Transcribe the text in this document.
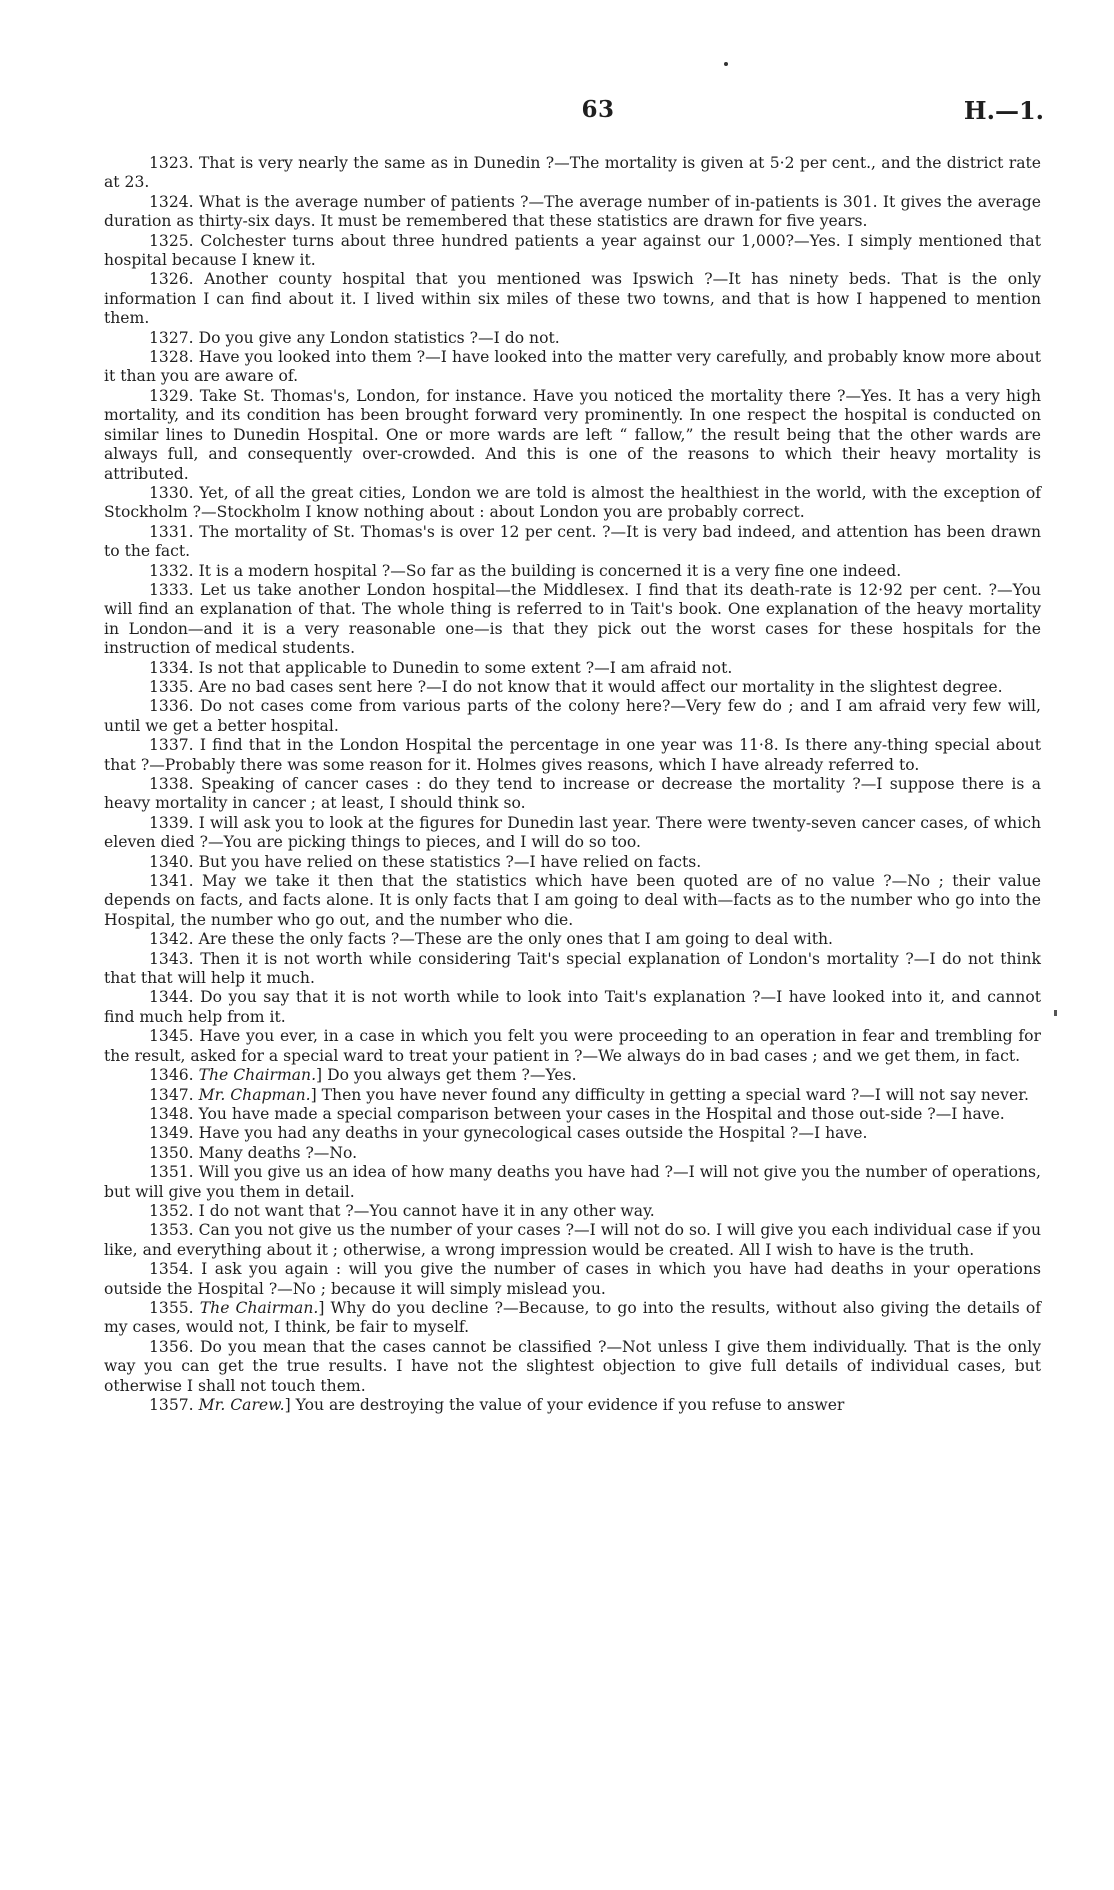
63	H.—1.

1323. That is very nearly the same as in Dunedin ?—The mortality is given at 5·2 per cent., and the district rate at 23.

1324. What is the average number of patients ?—The average number of in-patients is 301. It gives the average duration as thirty-six days. It must be remembered that these statistics are drawn for five years.

1325. Colchester turns about three hundred patients a year against our 1,000?—Yes. I simply mentioned that hospital because I knew it.

1326. Another county hospital that you mentioned was Ipswich ?—It has ninety beds. That is the only information I can find about it. I lived within six miles of these two towns, and that is how I happened to mention them.

1327. Do you give any London statistics ?—I do not.

1328. Have you looked into them ?—I have looked into the matter very carefully, and probably know more about it than you are aware of.

1329. Take St. Thomas's, London, for instance. Have you noticed the mortality there ?—Yes. It has a very high mortality, and its condition has been brought forward very prominently. In one respect the hospital is conducted on similar lines to Dunedin Hospital. One or more wards are left “ fallow,” the result being that the other wards are always full, and consequently over-crowded. And this is one of the reasons to which their heavy mortality is attributed.

1330. Yet, of all the great cities, London we are told is almost the healthiest in the world, with the exception of Stockholm ?—Stockholm I know nothing about : about London you are probably correct.

1331. The mortality of St. Thomas's is over 12 per cent. ?—It is very bad indeed, and attention has been drawn to the fact.

1332. It is a modern hospital ?—So far as the building is concerned it is a very fine one indeed.

1333. Let us take another London hospital—the Middlesex. I find that its death-rate is 12·92 per cent. ?—You will find an explanation of that. The whole thing is referred to in Tait's book. One explanation of the heavy mortality in London—and it is a very reasonable one—is that they pick out the worst cases for these hospitals for the instruction of medical students.

1334. Is not that applicable to Dunedin to some extent ?—I am afraid not.

1335. Are no bad cases sent here ?—I do not know that it would affect our mortality in the slightest degree.

1336. Do not cases come from various parts of the colony here?—Very few do ; and I am afraid very few will, until we get a better hospital.

1337. I find that in the London Hospital the percentage in one year was 11·8. Is there any-thing special about that ?—Probably there was some reason for it. Holmes gives reasons, which I have already referred to.

1338. Speaking of cancer cases : do they tend to increase or decrease the mortality ?—I suppose there is a heavy mortality in cancer ; at least, I should think so.

1339. I will ask you to look at the figures for Dunedin last year. There were twenty-seven cancer cases, of which eleven died ?—You are picking things to pieces, and I will do so too.

1340. But you have relied on these statistics ?—I have relied on facts.

1341. May we take it then that the statistics which have been quoted are of no value ?—No ; their value depends on facts, and facts alone. It is only facts that I am going to deal with—facts as to the number who go into the Hospital, the number who go out, and the number who die.

1342. Are these the only facts ?—These are the only ones that I am going to deal with.

1343. Then it is not worth while considering Tait's special explanation of London's mortality ?—I do not think that that will help it much.

1344. Do you say that it is not worth while to look into Tait's explanation ?—I have looked into it, and cannot find much help from it.

1345. Have you ever, in a case in which you felt you were proceeding to an operation in fear and trembling for the result, asked for a special ward to treat your patient in ?—We always do in bad cases ; and we get them, in fact.

1346. The Chairman.] Do you always get them ?—Yes.

1347. Mr. Chapman.] Then you have never found any difficulty in getting a special ward ?—I will not say never.

1348. You have made a special comparison between your cases in the Hospital and those out-side ?—I have.

1349. Have you had any deaths in your gynecological cases outside the Hospital ?—I have.

1350. Many deaths ?—No.

1351. Will you give us an idea of how many deaths you have had ?—I will not give you the number of operations, but will give you them in detail.

1352. I do not want that ?—You cannot have it in any other way.

1353. Can you not give us the number of your cases ?—I will not do so. I will give you each individual case if you like, and everything about it ; otherwise, a wrong impression would be created. All I wish to have is the truth.

1354. I ask you again : will you give the number of cases in which you have had deaths in your operations outside the Hospital ?—No ; because it will simply mislead you.

1355. The Chairman.] Why do you decline ?—Because, to go into the results, without also giving the details of my cases, would not, I think, be fair to myself.

1356. Do you mean that the cases cannot be classified ?—Not unless I give them individually. That is the only way you can get the true results. I have not the slightest objection to give full details of individual cases, but otherwise I shall not touch them.

1357. Mr. Carew.] You are destroying the value of your evidence if you refuse to answer
